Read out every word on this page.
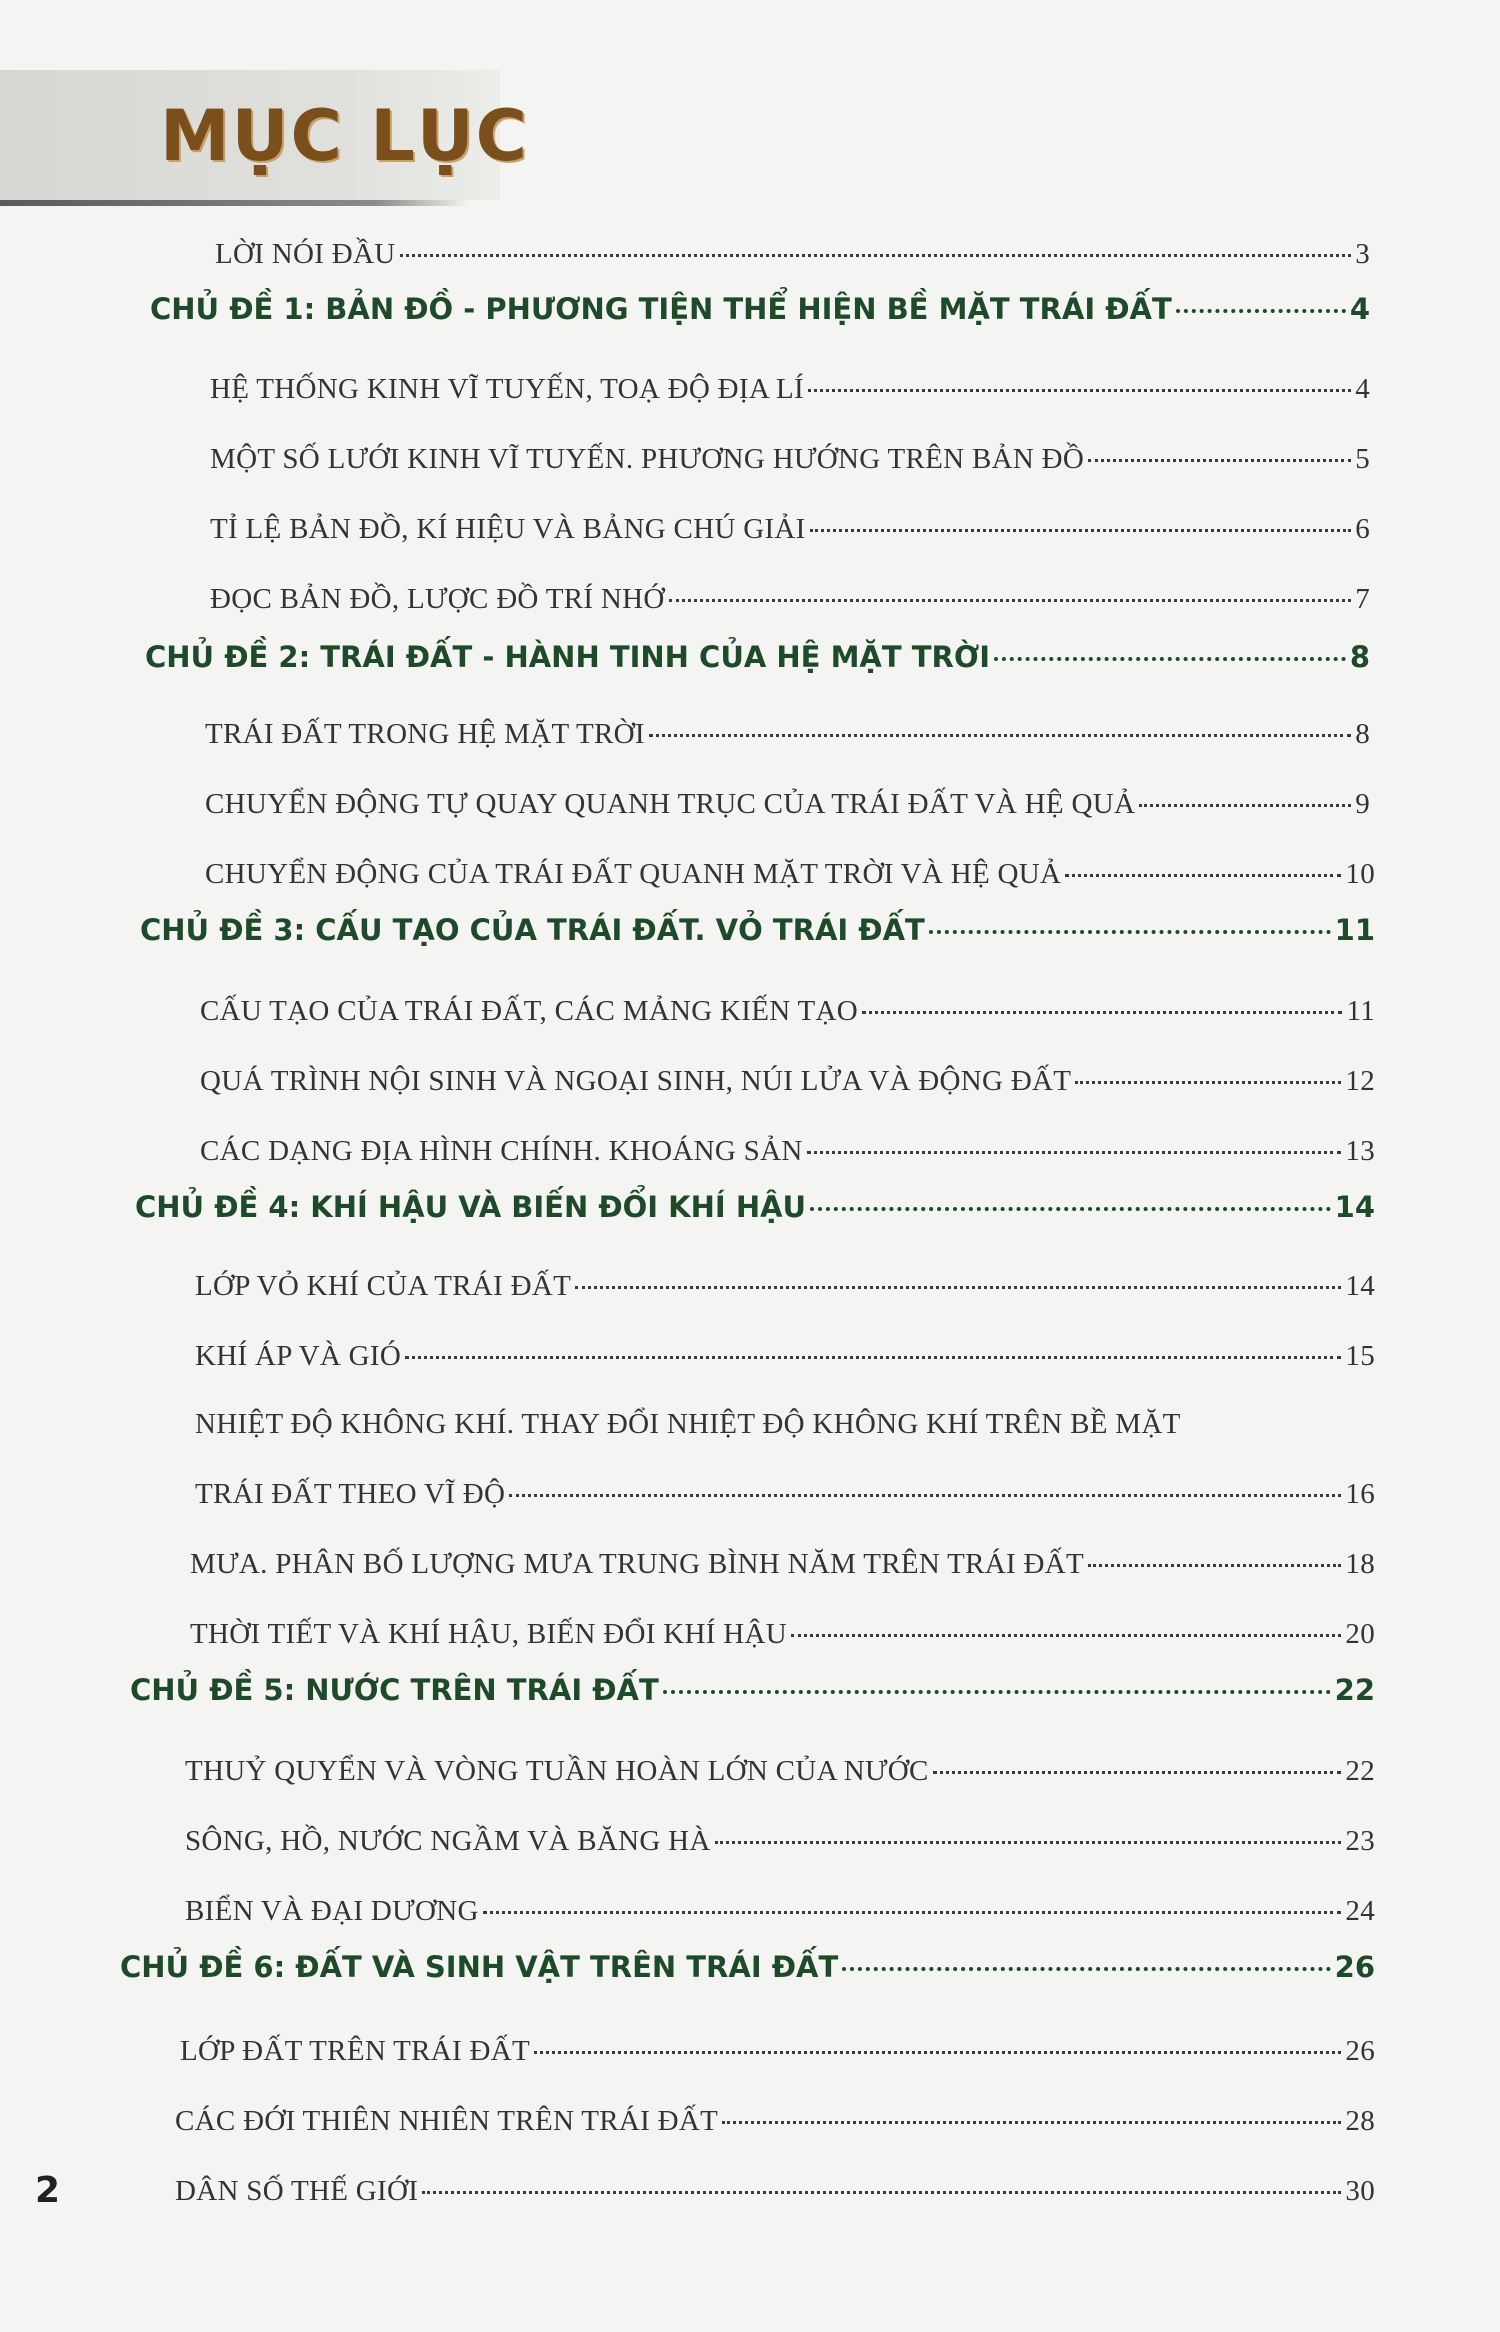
MỤC LỤC
LỜI NÓI ĐẦU	3
CHỦ ĐỀ 1: BẢN ĐỒ - PHƯƠNG TIỆN THỂ HIỆN BỀ MẶT TRÁI ĐẤT	4
HỆ THỐNG KINH VĨ TUYẾN, TOẠ ĐỘ ĐỊA LÍ	4
MỘT SỐ LƯỚI KINH VĨ TUYẾN. PHƯƠNG HƯỚNG TRÊN BẢN ĐỒ	5
TỈ LỆ BẢN ĐỒ, KÍ HIỆU VÀ BẢNG CHÚ GIẢI	6
ĐỌC BẢN ĐỒ, LƯỢC ĐỒ TRÍ NHỚ	7
CHỦ ĐỀ 2: TRÁI ĐẤT - HÀNH TINH CỦA HỆ MẶT TRỜI	8
TRÁI ĐẤT TRONG HỆ MẶT TRỜI	8
CHUYỂN ĐỘNG TỰ QUAY QUANH TRỤC CỦA TRÁI ĐẤT VÀ HỆ QUẢ	9
CHUYỂN ĐỘNG CỦA TRÁI ĐẤT QUANH MẶT TRỜI VÀ HỆ QUẢ	10
CHỦ ĐỀ 3: CẤU TẠO CỦA TRÁI ĐẤT. VỎ TRÁI ĐẤT	11
CẤU TẠO CỦA TRÁI ĐẤT, CÁC MẢNG KIẾN TẠO	11
QUÁ TRÌNH NỘI SINH VÀ NGOẠI SINH, NÚI LỬA VÀ ĐỘNG ĐẤT	12
CÁC DẠNG ĐỊA HÌNH CHÍNH. KHOÁNG SẢN	13
CHỦ ĐỀ 4: KHÍ HẬU VÀ BIẾN ĐỔI KHÍ HẬU	14
LỚP VỎ KHÍ CỦA TRÁI ĐẤT	14
KHÍ ÁP VÀ GIÓ	15
NHIỆT ĐỘ KHÔNG KHÍ. THAY ĐỔI NHIỆT ĐỘ KHÔNG KHÍ TRÊN BỀ MẶT
TRÁI ĐẤT THEO VĨ ĐỘ	16
MƯA. PHÂN BỐ LƯỢNG MƯA TRUNG BÌNH NĂM TRÊN TRÁI ĐẤT	18
THỜI TIẾT VÀ KHÍ HẬU, BIẾN ĐỔI KHÍ HẬU	20
CHỦ ĐỀ 5: NƯỚC TRÊN TRÁI ĐẤT	22
THUỶ QUYỂN VÀ VÒNG TUẦN HOÀN LỚN CỦA NƯỚC	22
SÔNG, HỒ, NƯỚC NGẦM VÀ BĂNG HÀ	23
BIỂN VÀ ĐẠI DƯƠNG	24
CHỦ ĐỀ 6: ĐẤT VÀ SINH VẬT TRÊN TRÁI ĐẤT	26
LỚP ĐẤT TRÊN TRÁI ĐẤT	26
CÁC ĐỚI THIÊN NHIÊN TRÊN TRÁI ĐẤT	28
DÂN SỐ THẾ GIỚI	30
2
